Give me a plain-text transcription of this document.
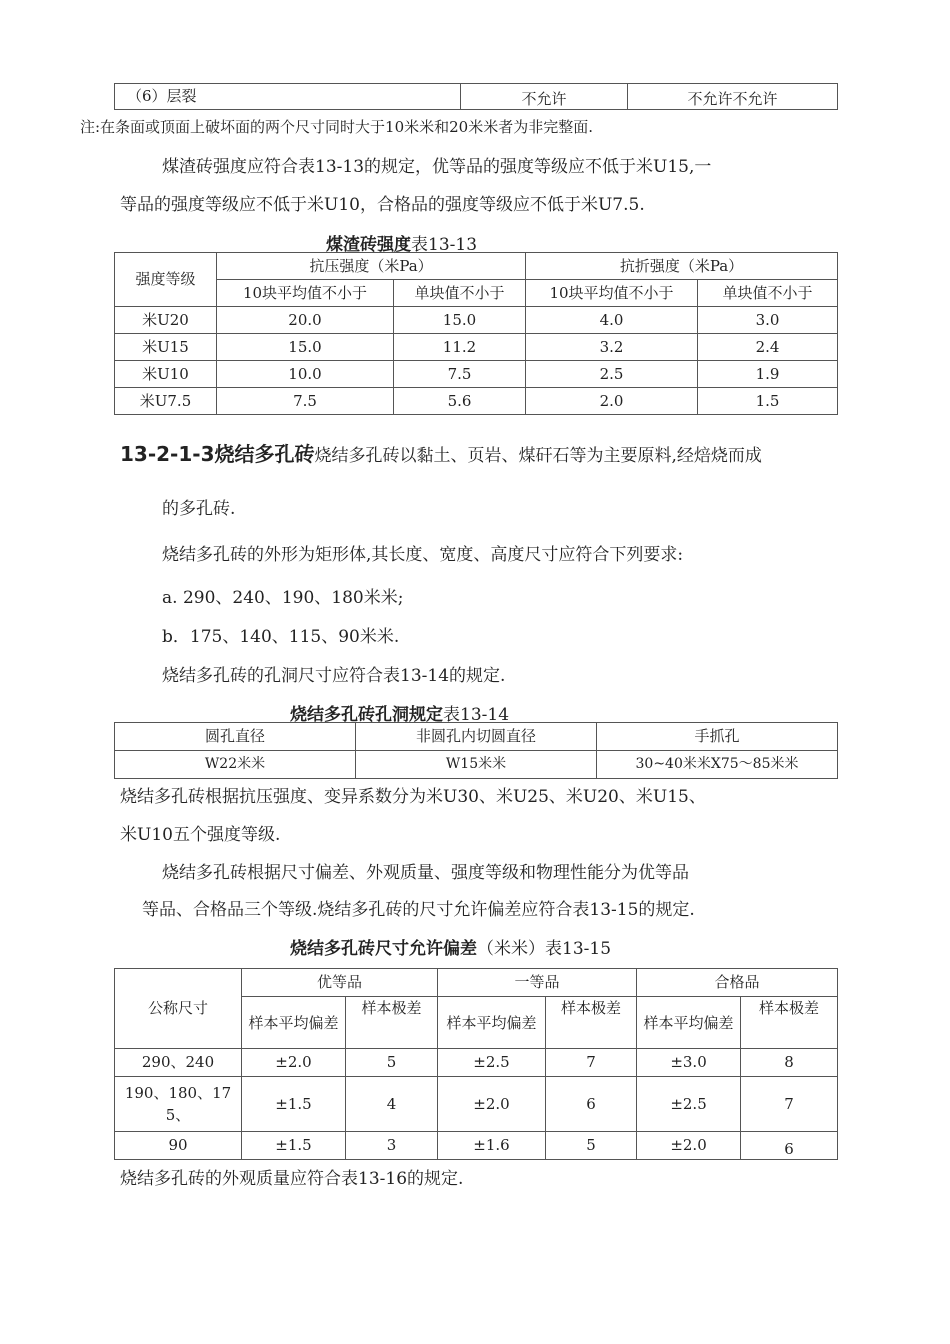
（6）层裂	不允许	不允许不允许
注:在条面或顶面上破坏面的两个尺寸同时大于10米米和20米米者为非完整面.
煤渣砖强度应符合表13-13的规定，优等品的强度等级应不低于米U15,一
等品的强度等级应不低于米U10，合格品的强度等级应不低于米U7.5.
煤渣砖强度表13-13
强度等级	抗压强度（米Pa）		抗折强度（米Pa）	
	10块平均值不小于	单块值不小于	10块平均值不小于	单块值不小于
米U20	20.0	15.0	4.0	3.0
米U15	15.0	11.2	3.2	2.4
米U10	10.0	7.5	2.5	1.9
米U7.5	7.5	5.6	2.0	1.5
13-2-1-3烧结多孔砖烧结多孔砖以黏土、页岩、煤矸石等为主要原料,经焙烧而成
的多孔砖.
烧结多孔砖的外形为矩形体,其长度、宽度、高度尺寸应符合下列要求:
a. 290、240、190、180米米;
b．175、140、115、90米米.
烧结多孔砖的孔洞尺寸应符合表13-14的规定.
烧结多孔砖孔洞规定表13-14
圆孔直径	非圆孔内切圆直径	手抓孔
W22米米	W15米米	30~40米米X75〜85米米
烧结多孔砖根据抗压强度、变异系数分为米U30、米U25、米U20、米U15、
米U10五个强度等级.
烧结多孔砖根据尺寸偏差、外观质量、强度等级和物理性能分为优等品
等品、合格品三个等级.烧结多孔砖的尺寸允许偏差应符合表13-15的规定.
烧结多孔砖尺寸允许偏差（米米）表13-15
公称尺寸	优等品		一等品		合格品	
	样本平均偏差	样本极差	样本平均偏差	样本极差	样本平均偏差	样本极差
290、240	±2.0	5	±2.5	7	±3.0	8
190、180、175、	±1.5	4	±2.0	6	±2.5	7
90	±1.5	3	±1.6	5	±2.0	6
烧结多孔砖的外观质量应符合表13-16的规定.
